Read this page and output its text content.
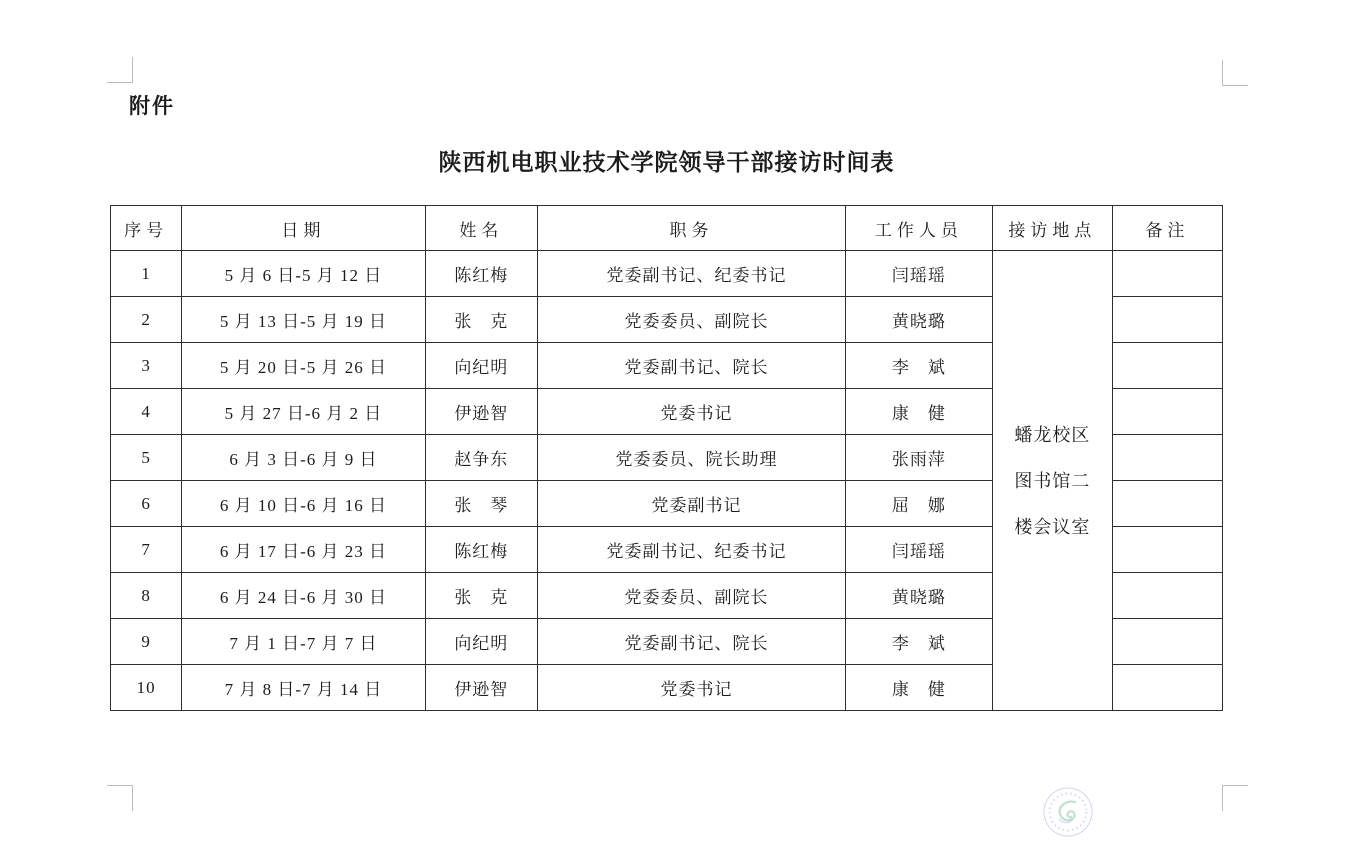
附件
陕西机电职业技术学院领导干部接访时间表
序号	日期	姓名	职务	工作人员	接访地点	备注
1	5 月 6 日-5 月 12 日	陈红梅	党委副书记、纪委书记	闫瑶瑶	蟠龙校区
图书馆二
楼会议室	

2	5 月 13 日-5 月 19 日	张　克	党委委员、副院长	黄晓璐		
3	5 月 20 日-5 月 26 日	向纪明	党委副书记、院长	李　斌		
4	5 月 27 日-6 月 2 日	伊逊智	党委书记	康　健		
5	6 月 3 日-6 月 9 日	赵争东	党委委员、院长助理	张雨萍		
6	6 月 10 日-6 月 16 日	张　琴	党委副书记	屈　娜		
7	6 月 17 日-6 月 23 日	陈红梅	党委副书记、纪委书记	闫瑶瑶		
8	6 月 24 日-6 月 30 日	张　克	党委委员、副院长	黄晓璐		
9	7 月 1 日-7 月 7 日	向纪明	党委副书记、院长	李　斌		
10	7 月 8 日-7 月 14 日	伊逊智	党委书记	康　健		
